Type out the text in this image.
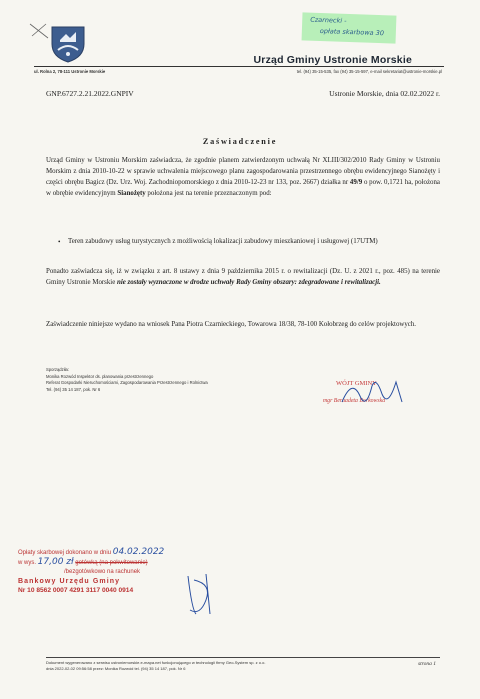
Czarnecki -
opłata skarbowa 30
Urząd Gminy Ustronie Morskie
ul. Rolna 2, 78-111 Ustronie Morskie	tel. (94) 35-15-535, fax (94) 35-15-597, e-mail sekretariat@ustronie-morskie.pl
GNP.6727.2.21.2022.GNPIV	Ustronie Morskie, dnia 02.02.2022 r.
Zaświadczenie
Urząd Gminy w Ustroniu Morskim zaświadcza, że zgodnie planem zatwierdzonym uchwałą Nr XLIII/302/2010 Rady Gminy w Ustroniu Morskim z dnia 2010-10-22 w sprawie uchwalenia miejscowego planu zagospodarowania przestrzennego obrębu ewidencyjnego Sianożęty i części obrębu Bagicz (Dz. Urz. Woj. Zachodniopomorskiego z dnia 2010-12-23 nr 133, poz. 2667) działka nr 49/9 o pow. 0,1721 ha, położona w obrębie ewidencyjnym Sianożęty położona jest na terenie przeznaczonym pod:
• Teren zabudowy usług turystycznych z możliwością lokalizacji zabudowy mieszkaniowej i usługowej (17UTM)
Ponadto zaświadcza się, iż w związku z art. 8 ustawy z dnia 9 października 2015 r. o rewitalizacji (Dz. U. z 2021 r., poz. 485) na terenie Gminy Ustronie Morskie nie zostały wyznaczone w drodze uchwały Rady Gminy obszary: zdegradowane i rewitalizacji.
Zaświadczenie niniejsze wydano na wniosek Pana Piotra Czarnieckiego, Towarowa 18/38, 78-100 Kołobrzeg do celów projektowych.
Sporządziła:
Monika Rozwód Inspektor ds. planowania przestrzennego
Referat Gospodarki Nieruchomościami, Zagospodarowania Przestrzennego i Rolnictwa
Tel. (94) 35 14 187, pok. Nr 6
WÓJT GMINY
mgr Beruadeta Borkowska
Opłaty skarbowej dokonano w dniu 04.02.2022
w wys. 17,00 zł gotówką (na pokwitowanie)
/bezgotówkowo na rachunek
Bankowy Urzędu Gminy
Nr 10 8562 0007 4291 3117 0040 0914
Dokument wygenerowano z serwisu ustroniemorskie.e-mapa.net funkcjonującego w technologii firmy Geo-System sp. z o.o.
dnia 2022-02-02 09:56:58 przez: Monika Rozwód tel. (94) 35 14 187, pok. Nr 6
strona 1
